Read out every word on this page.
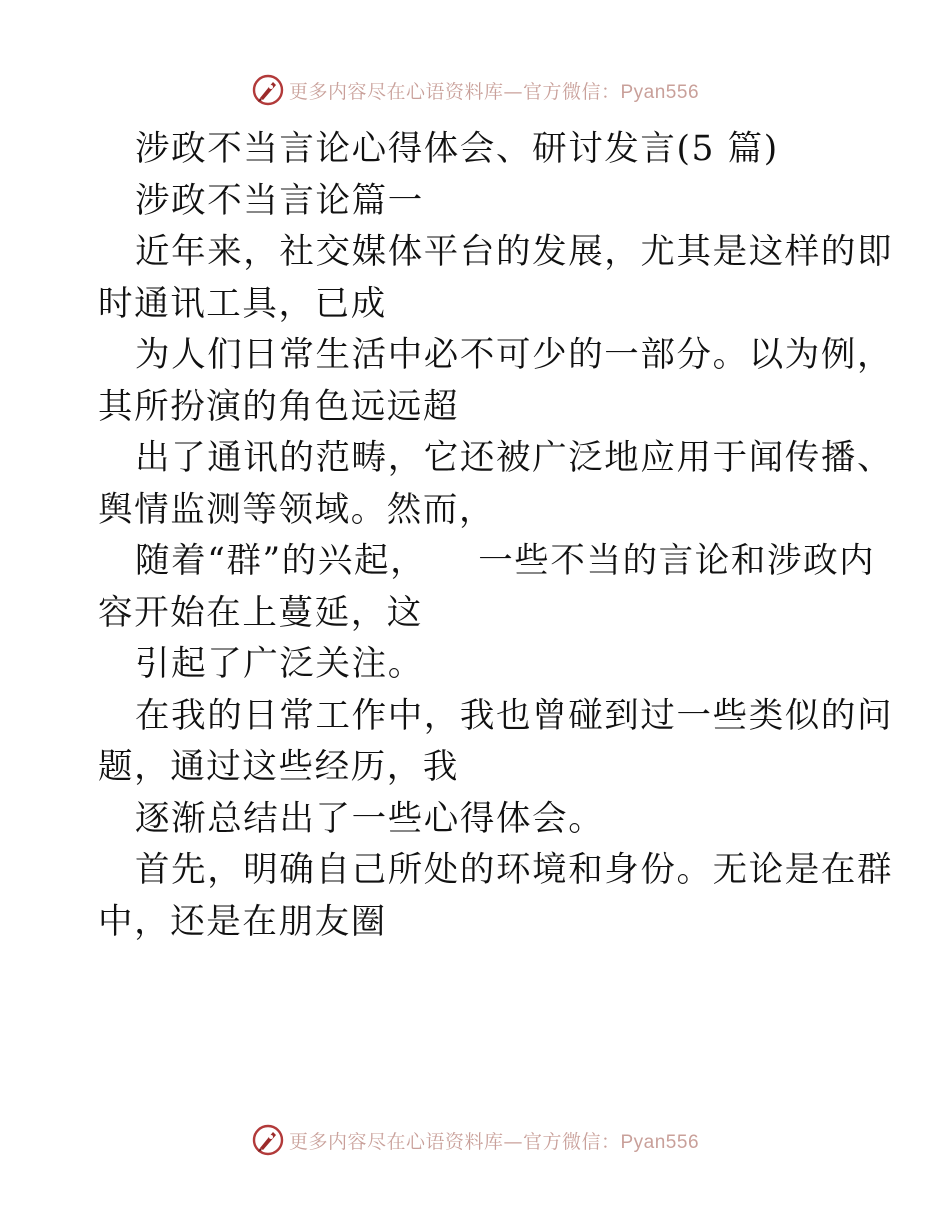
更多内容尽在心语资料库—官方微信：Pyan556
涉政不当言论心得体会、研讨发言(5 篇)
涉政不当言论篇一
近年来，社交媒体平台的发展，尤其是这样的即
时通讯工具，已成
为人们日常生活中必不可少的一部分。以为例，
其所扮演的角色远远超
出了通讯的范畴，它还被广泛地应用于闻传播、
舆情监测等领域。然而，
随着“群”的兴起， 一些不当的言论和涉政内
容开始在上蔓延，这
引起了广泛关注。
在我的日常工作中，我也曾碰到过一些类似的问
题，通过这些经历，我
逐渐总结出了一些心得体会。
首先，明确自己所处的环境和身份。无论是在群
中，还是在朋友圈
更多内容尽在心语资料库—官方微信：Pyan556
